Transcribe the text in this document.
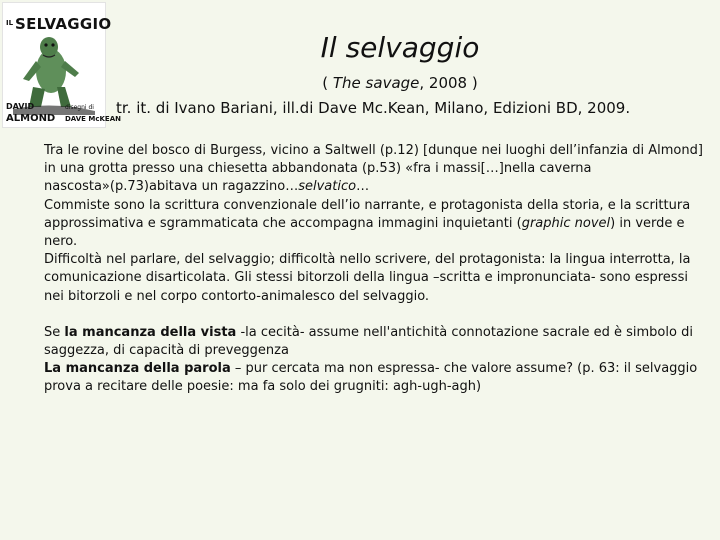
IL SELVAGGIO
DAVID
ALMOND
disegni di
DAVE McKEAN
Il selvaggio
( The savage, 2008 )
tr. it. di Ivano Bariani, ill.di Dave Mc.Kean, Milano, Edizioni BD, 2009.

Tra le rovine del bosco di Burgess, vicino a Saltwell (p.12) [dunque nei luoghi dell’infanzia di Almond] in una grotta presso una chiesetta abbandonata (p.53) «fra i massi[…]nella caverna nascosta»(p.73)abitava un ragazzino…selvatico…

Commiste sono la scrittura convenzionale dell’io narrante, e protagonista della storia, e la scrittura approssimativa e sgrammaticata che accompagna immagini inquietanti (graphic novel) in verde e nero.

Difficoltà nel parlare, del selvaggio; difficoltà nello scrivere, del protagonista: la lingua interrotta, la comunicazione disarticolata. Gli stessi bitorzoli della lingua –scritta e impronunciata- sono espressi nei bitorzoli e nel corpo contorto-animalesco del selvaggio.

Se la mancanza della vista -la cecità- assume nell'antichità connotazione sacrale ed è simbolo di saggezza, di capacità di preveggenza

La mancanza della parola – pur cercata ma non espressa- che valore assume? (p. 63: il selvaggio prova a recitare delle poesie: ma fa solo dei grugniti: agh-ugh-agh)
